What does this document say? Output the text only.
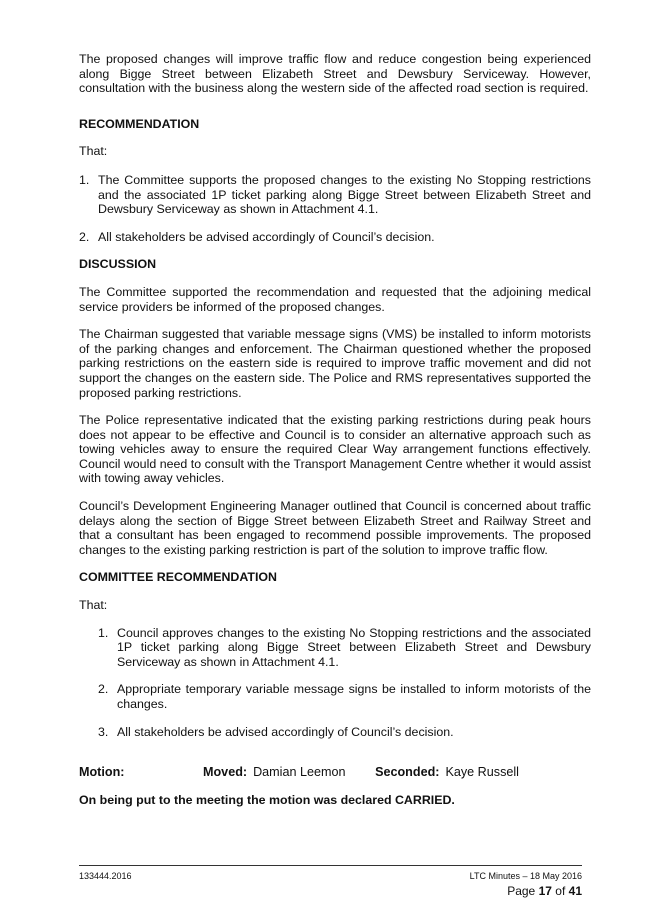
The proposed changes will improve traffic flow and reduce congestion being experienced along Bigge Street between Elizabeth Street and Dewsbury Serviceway. However, consultation with the business along the western side of the affected road section is required.

RECOMMENDATION

That:

1. The Committee supports the proposed changes to the existing No Stopping restrictions and the associated 1P ticket parking along Bigge Street between Elizabeth Street and Dewsbury Serviceway as shown in Attachment 4.1.
2. All stakeholders be advised accordingly of Council’s decision.

DISCUSSION

The Committee supported the recommendation and requested that the adjoining medical service providers be informed of the proposed changes.

The Chairman suggested that variable message signs (VMS) be installed to inform motorists of the parking changes and enforcement. The Chairman questioned whether the proposed parking restrictions on the eastern side is required to improve traffic movement and did not support the changes on the eastern side. The Police and RMS representatives supported the proposed parking restrictions.

The Police representative indicated that the existing parking restrictions during peak hours does not appear to be effective and Council is to consider an alternative approach such as towing vehicles away to ensure the required Clear Way arrangement functions effectively. Council would need to consult with the Transport Management Centre whether it would assist with towing away vehicles.

Council’s Development Engineering Manager outlined that Council is concerned about traffic delays along the section of Bigge Street between Elizabeth Street and Railway Street and that a consultant has been engaged to recommend possible improvements. The proposed changes to the existing parking restriction is part of the solution to improve traffic flow.

COMMITTEE RECOMMENDATION

That:

1. Council approves changes to the existing No Stopping restrictions and the associated 1P ticket parking along Bigge Street between Elizabeth Street and Dewsbury Serviceway as shown in Attachment 4.1.
2. Appropriate temporary variable message signs be installed to inform motorists of the changes.
3. All stakeholders be advised accordingly of Council’s decision.
Motion:	Moved: Damian Leemon	Seconded: Kaye Russell

On being put to the meeting the motion was declared CARRIED.

133444.2016	LTC Minutes – 18 May 2016
Page 17 of 41
